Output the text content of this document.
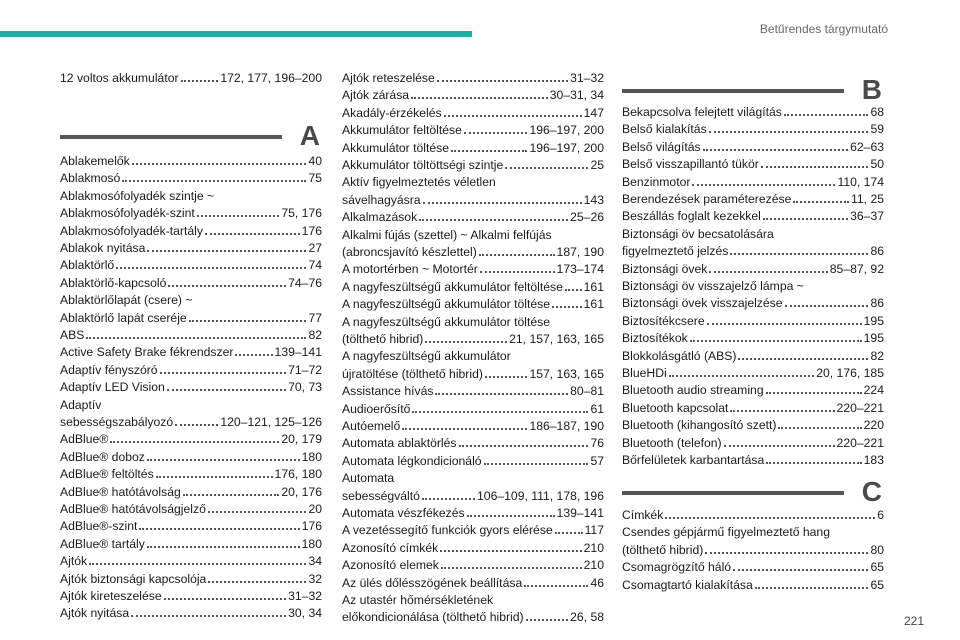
Betűrendes tárgymutató
12 voltos akkumulátor	172, 177, 196–200
A
Ablakemelők	40
Ablakmosó	75
Ablakmosófolyadék szintje ~
Ablakmosófolyadék-szint	75, 176
Ablakmosófolyadék-tartály	176
Ablakok nyitása	27
Ablaktörlő	74
Ablaktörlő-kapcsoló	74–76
Ablaktörlőlapát (csere) ~
Ablaktörlő lapát cseréje	77
ABS	82
Active Safety Brake fékrendszer	139–141
Adaptív fényszóró	71–72
Adaptív LED Vision	70, 73
Adaptív
sebességszabályozó	120–121, 125–126
AdBlue®	20, 179
AdBlue® doboz	180
AdBlue® feltöltés	176, 180
AdBlue® hatótávolság	20, 176
AdBlue® hatótávolságjelző	20
AdBlue®-szint	176
AdBlue® tartály	180
Ajtók	34
Ajtók biztonsági kapcsolója	32
Ajtók kireteszelése	31–32
Ajtók nyitása	30, 34
Ajtók reteszelése	31–32
Ajtók zárása	30–31, 34
Akadály-érzékelés	147
Akkumulátor feltöltése	196–197, 200
Akkumulátor töltése	196–197, 200
Akkumulátor töltöttségi szintje	25
Aktív figyelmeztetés véletlen
sávelhagyásra	143
Alkalmazások	25–26
Alkalmi fújás (szettel) ~ Alkalmi felfújás
(abroncsjavító készlettel)	187, 190
A motortérben ~ Motortér	173–174
A nagyfeszültségű akkumulátor feltöltése 161
A nagyfeszültségű akkumulátor töltése	161
A nagyfeszültségű akkumulátor töltése
(tölthető hibrid)	21, 157, 163, 165
A nagyfeszültségű akkumulátor
újratöltése (tölthető hibrid)	157, 163, 165
Assistance hívás	80–81
Audioerősítő	61
Autóemelő	186–187, 190
Automata ablaktörlés	76
Automata légkondicionáló	57
Automata
sebességváltó	106–109, 111, 178, 196
Automata vészfékezés	139–141
A vezetéssegítő funkciók gyors elérése	117
Azonosító címkék	210
Azonosító elemek	210
Az ülés dőlésszögének beállítása	46
Az utastér hőmérsékletének
előkondicionálása (tölthető hibrid)	26, 58
B
Bekapcsolva felejtett világítás	68
Belső kialakítás	59
Belső világítás	62–63
Belső visszapillantó tükör	50
Benzinmotor	110, 174
Berendezések paraméterezése	11, 25
Beszállás foglalt kezekkel	36–37
Biztonsági öv becsatolására
figyelmeztető jelzés	86
Biztonsági övek	85–87, 92
Biztonsági öv visszajelző lámpa ~
Biztonsági övek visszajelzése	86
Biztosítékcsere	195
Biztosítékok	195
Blokkolásgátló (ABS)	82
BlueHDi	20, 176, 185
Bluetooth audio streaming	224
Bluetooth kapcsolat	220–221
Bluetooth (kihangosító szett)	220
Bluetooth (telefon)	220–221
Bőrfelületek karbantartása	183
C
Címkék	6
Csendes gépjármű figyelmeztető hang
(tölthető hibrid)	80
Csomagrögzítő háló	65
Csomagtartó kialakítása	65
221
